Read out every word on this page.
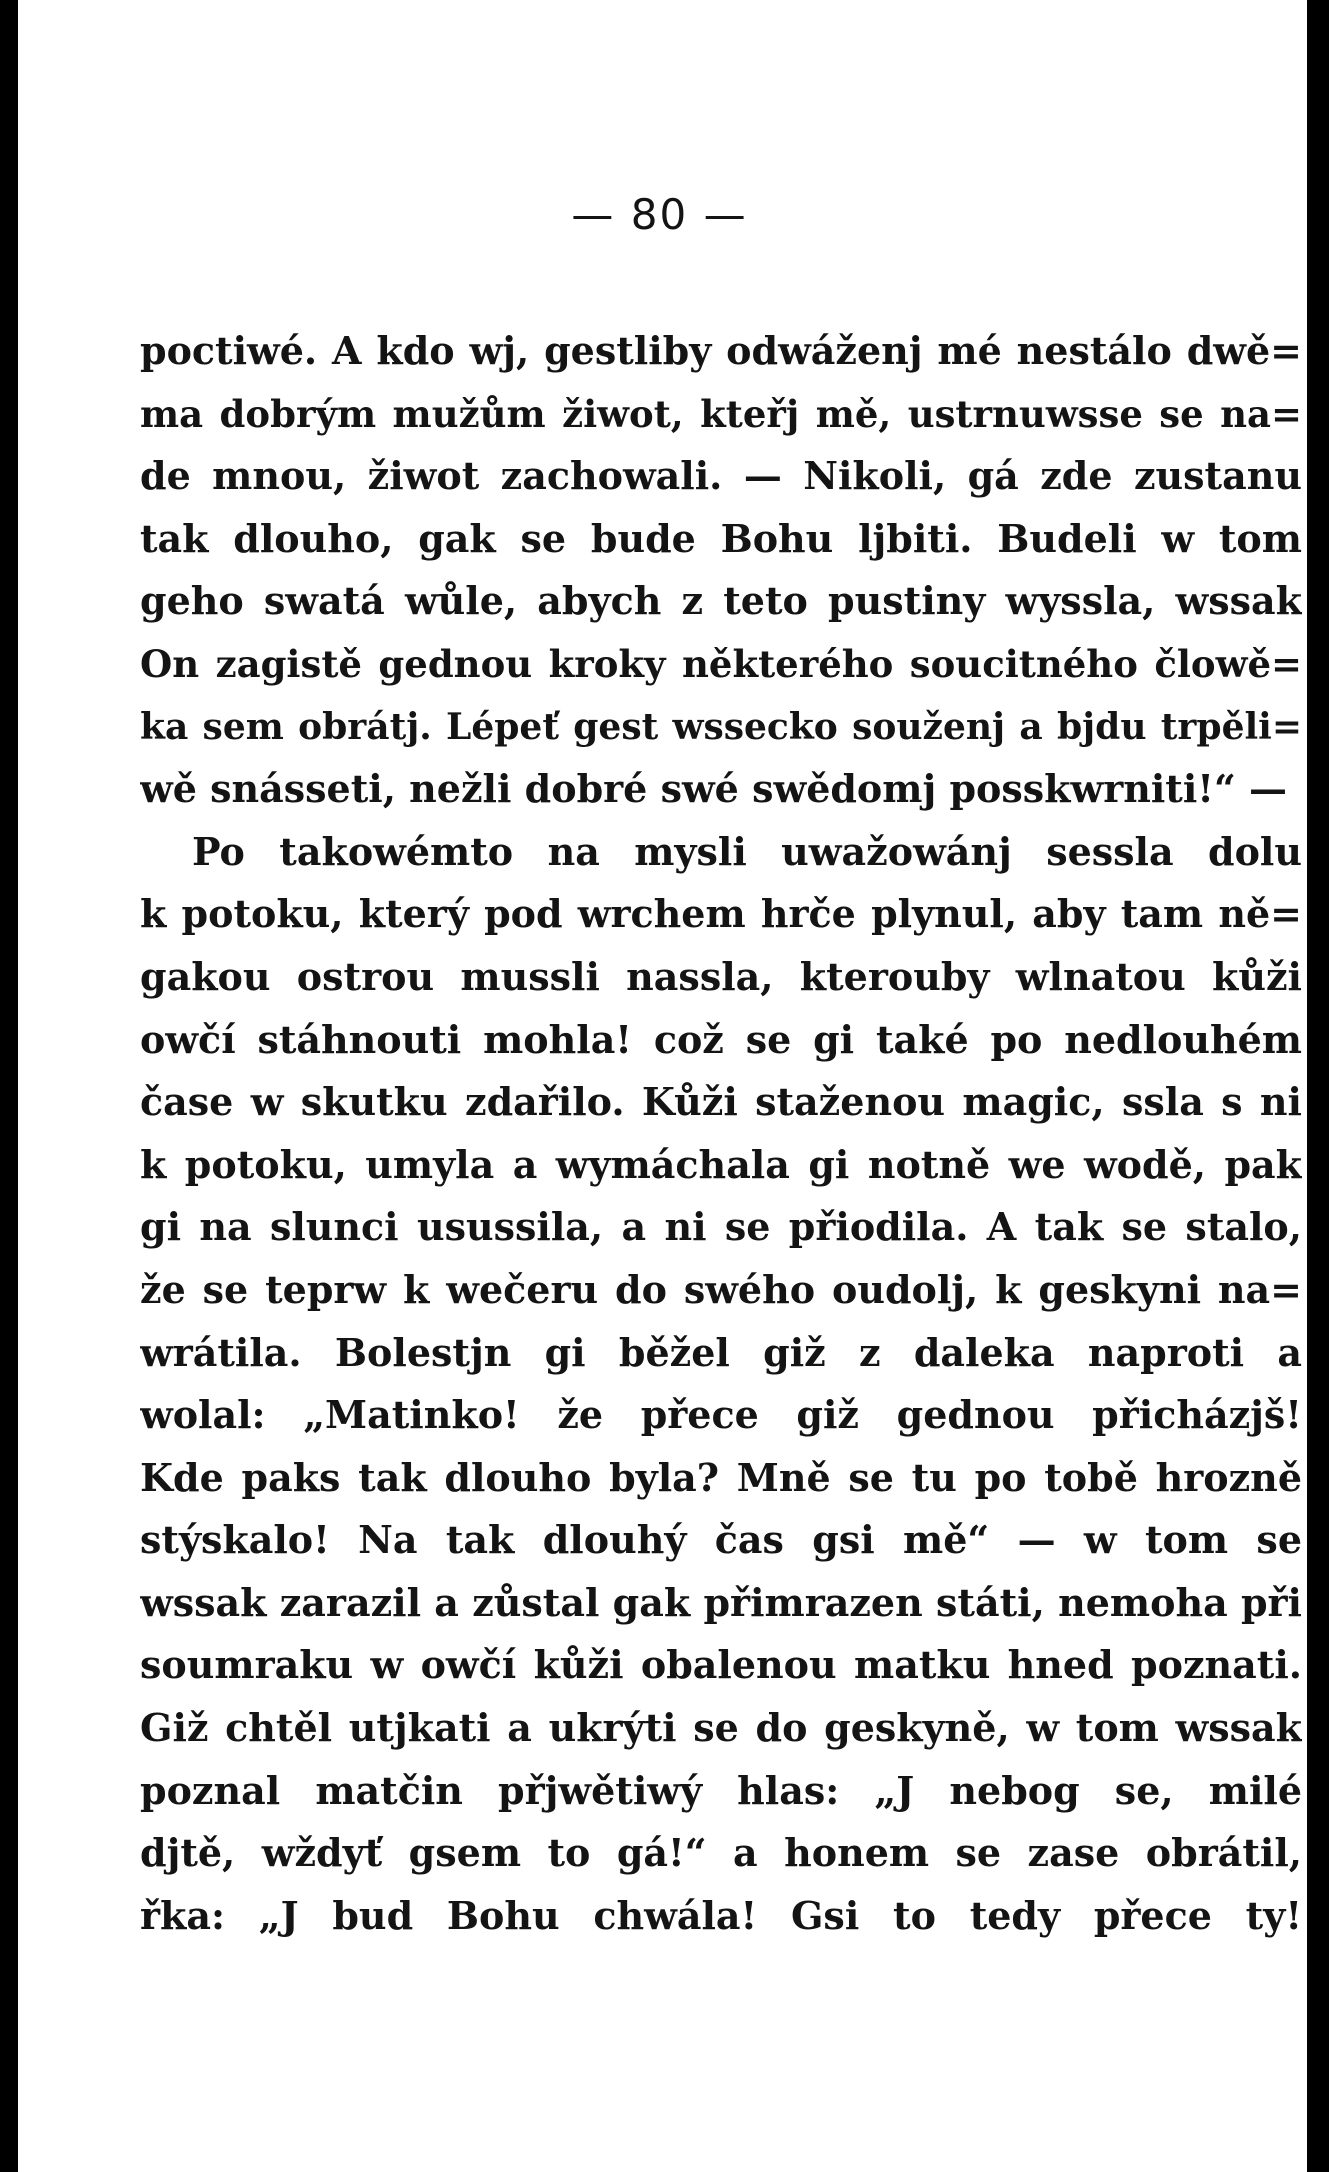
— 80 —
poctiwé. A kdo wj, gestliby odwáženj mé nestálo dwě=
ma dobrým mužům žiwot, kteřj mě, ustrnuwsse se na=
de mnou, žiwot zachowali. — Nikoli, gá zde zustanu
tak dlouho, gak se bude Bohu ljbiti. Budeli w tom
geho swatá wůle, abych z teto pustiny wyssla, wssak
On zagistě gednou kroky některého soucitného člowě=
ka sem obrátj. Lépeť gest wsseckо souženj a bjdu trpěli=
wě snássetі, nežli dobré swé swědomj posskwrniti!“ —
Po takowémto na mysli uwažowánj sessla dolu
k potoku, který pod wrchem hrče plynul, aby tam ně=
gakou ostrou mussli nassla, kterouby wlnatou kůži
owčí stáhnouti mohla! což se gi také po nedlouhém
čase w skutku zdařilo. Kůži stаženou magic, ssla s ni
k potoku, umyla a wymáchala gi notně we wodě, pak
gi na slunci usussila, a ni se přiodila. A tak se stalo,
že se teprw k wečeru do swého oudolj, k geskyni na=
wrátila. Bolestjn gi běžel giž z daleka naproti a
wolal: „Matinko! že přece giž gednou přicházjš!
Kde paks tak dlouho byla? Mně se tu po tobě hrozně
stýskalo! Na tak dlouhý čas gsi mě“ — w tom se
wssak zarazil a zůstal gak přimrazen státi, nemoha při
soumraku w owčí kůži obalenou matku hned poznati.
Giž chtěl utjkati a ukrýti se do geskyně, w tom wssak
poznal matčin přjwětiwý hlas: „J nebog se, milé
djtě, wždyť gsem to gá!“ a honem se zase obrátil,
řka: „J bud Bohu chwála! Gsi to tedy přece ty!
